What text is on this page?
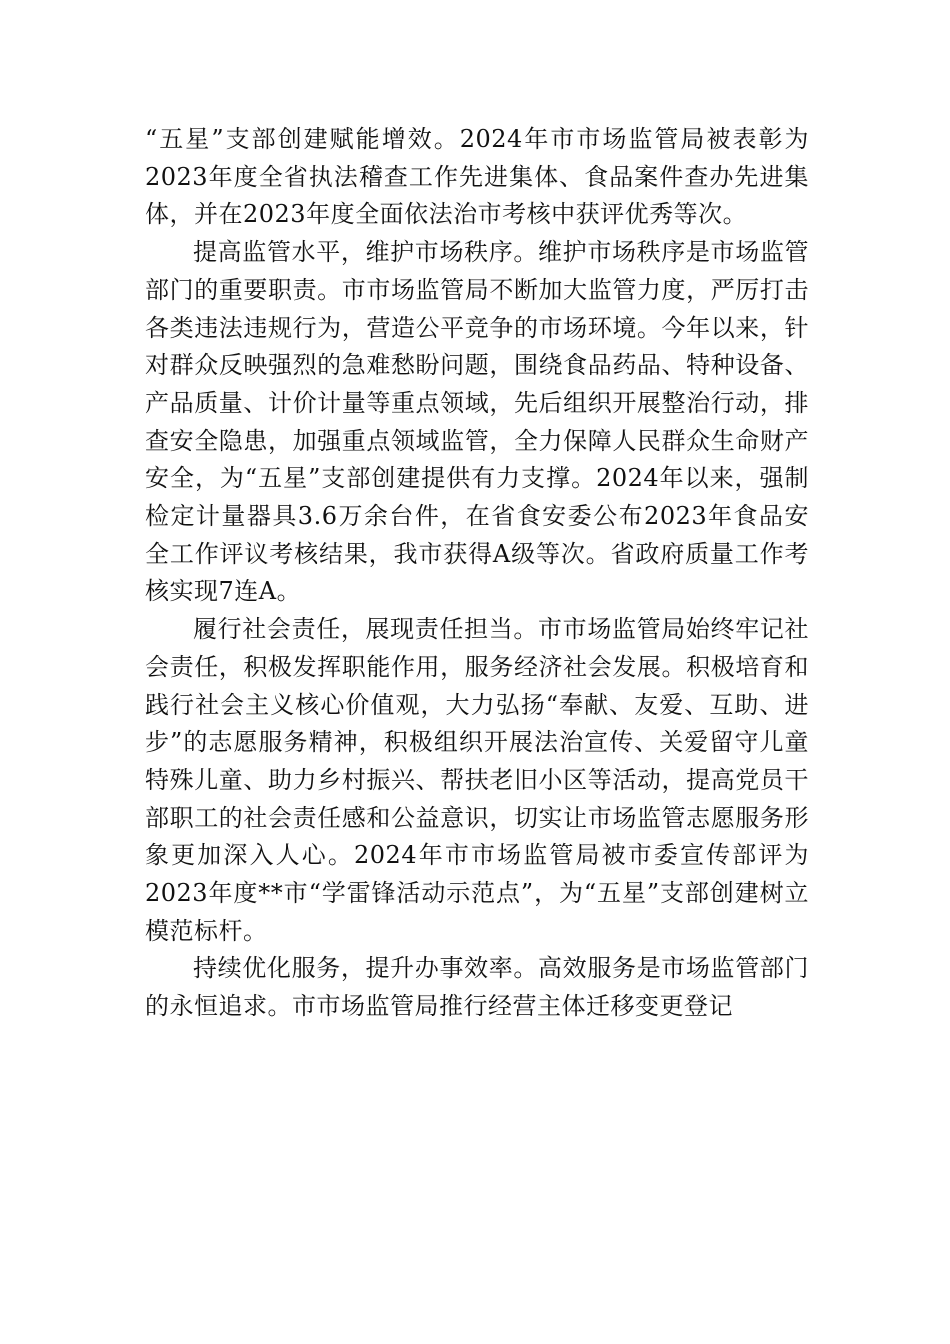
“五星”支部创建赋能增效。2024年市市场监管局被表彰为2023年度全省执法稽查工作先进集体、食品案件查办先进集体，并在2023年度全面依法治市考核中获评优秀等次。

提高监管水平，维护市场秩序。维护市场秩序是市场监管部门的重要职责。市市场监管局不断加大监管力度，严厉打击各类违法违规行为，营造公平竞争的市场环境。今年以来，针对群众反映强烈的急难愁盼问题，围绕食品药品、特种设备、产品质量、计价计量等重点领域，先后组织开展整治行动，排查安全隐患，加强重点领域监管，全力保障人民群众生命财产安全，为“五星”支部创建提供有力支撑。2024年以来，强制检定计量器具3.6万余台件，在省食安委公布2023年食品安全工作评议考核结果，我市获得A级等次。省政府质量工作考核实现7连A。

履行社会责任，展现责任担当。市市场监管局始终牢记社会责任，积极发挥职能作用，服务经济社会发展。积极培育和践行社会主义核心价值观，大力弘扬“奉献、友爱、互助、进步”的志愿服务精神，积极组织开展法治宣传、关爱留守儿童特殊儿童、助力乡村振兴、帮扶老旧小区等活动，提高党员干部职工的社会责任感和公益意识，切实让市场监管志愿服务形象更加深入人心。2024年市市场监管局被市委宣传部评为2023年度**市“学雷锋活动示范点”，为“五星”支部创建树立模范标杆。

持续优化服务，提升办事效率。高效服务是市场监管部门的永恒追求。市市场监管局推行经营主体迁移变更登记
